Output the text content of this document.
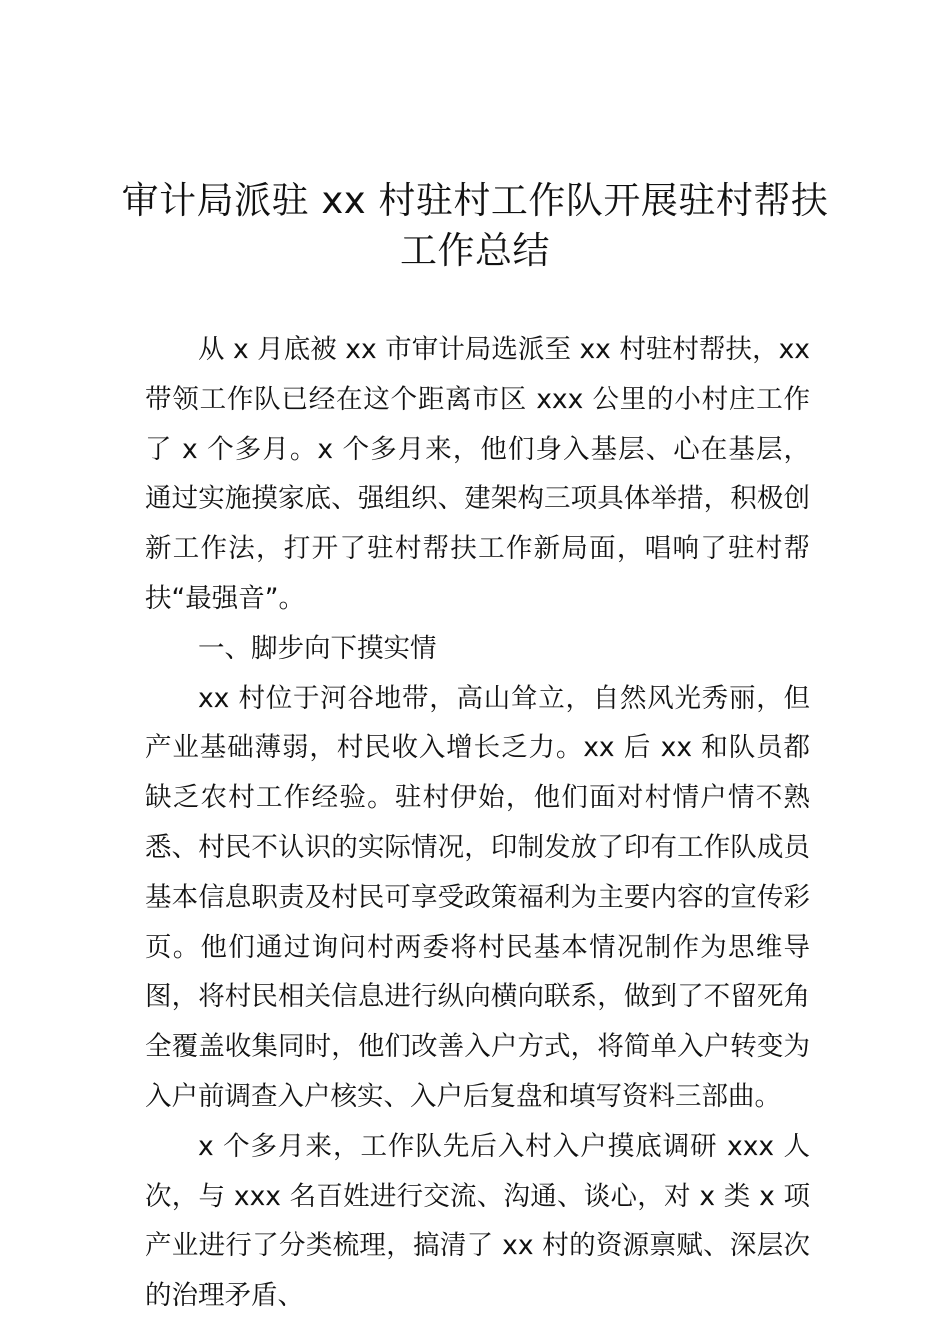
审计局派驻 xx 村驻村工作队开展驻村帮扶
工作总结

从 x 月底被 xx 市审计局选派至 xx 村驻村帮扶，xx 带领工作队已经在这个距离市区 xxx 公里的小村庄工作了 x 个多月。x 个多月来，他们身入基层、心在基层，通过实施摸家底、强组织、建架构三项具体举措，积极创新工作法，打开了驻村帮扶工作新局面，唱响了驻村帮扶“最强音”。

一、脚步向下摸实情

xx 村位于河谷地带，高山耸立，自然风光秀丽，但产业基础薄弱，村民收入增长乏力。xx 后 xx 和队员都缺乏农村工作经验。驻村伊始，他们面对村情户情不熟悉、村民不认识的实际情况，印制发放了印有工作队成员基本信息职责及村民可享受政策福利为主要内容的宣传彩页。他们通过询问村两委将村民基本情况制作为思维导图，将村民相关信息进行纵向横向联系，做到了不留死角全覆盖收集同时，他们改善入户方式，将简单入户转变为入户前调查入户核实、入户后复盘和填写资料三部曲。

x 个多月来，工作队先后入村入户摸底调研 xxx 人次，与 xxx 名百姓进行交流、沟通、谈心，对 x 类 x 项产业进行了分类梳理，搞清了 xx 村的资源禀赋、深层次的治理矛盾、
